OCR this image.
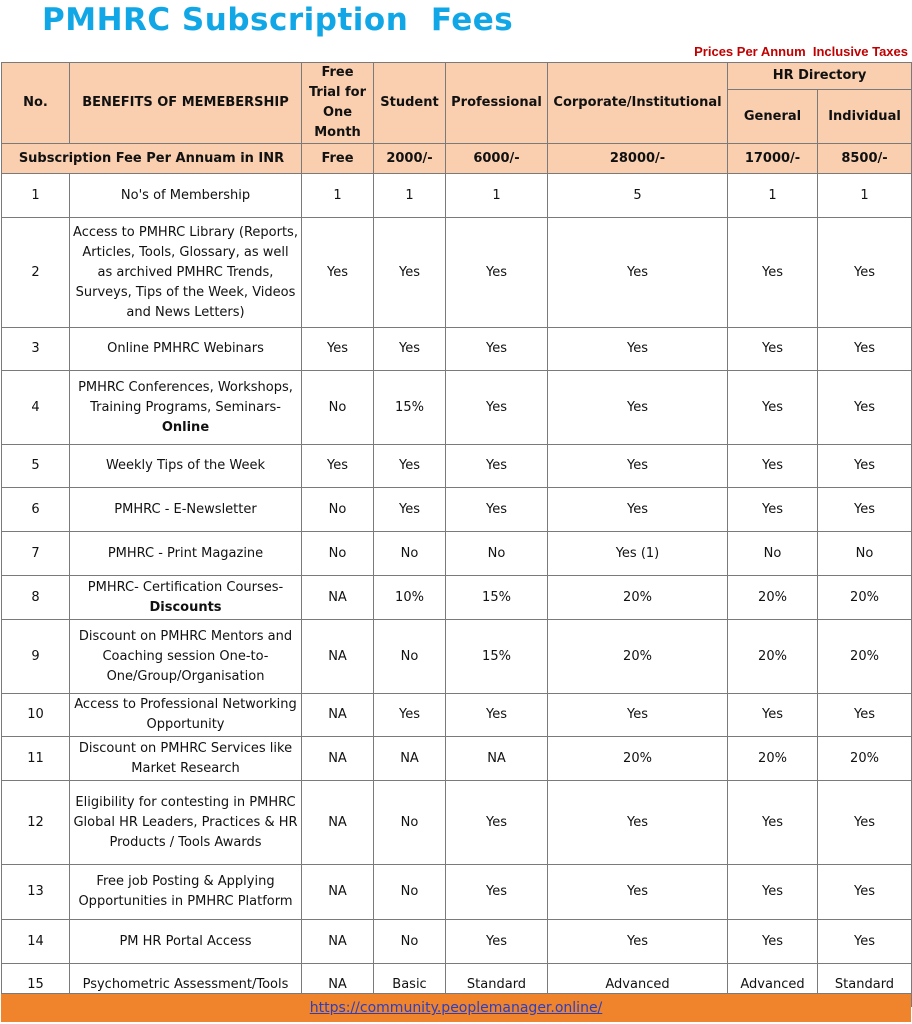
PMHRC Subscription  Fees
Prices Per Annum  Inclusive Taxes
No.	BENEFITS OF MEMEBERSHIP	Free Trial for One Month	Student	Professional	Corporate/Institutional	HR Directory	
						General	Individual
Subscription Fee Per Annuam in INR		Free	2000/-	6000/-	28000/-	17000/-	8500/-
1	No's of Membership	1	1	1	5	1	1
2	Access to PMHRC Library (Reports, Articles, Tools, Glossary, as well as archived PMHRC Trends, Surveys, Tips of the Week, Videos and News Letters)	Yes	Yes	Yes	Yes	Yes	Yes
3	Online PMHRC Webinars	Yes	Yes	Yes	Yes	Yes	Yes
4	PMHRC Conferences, Workshops, Training Programs, Seminars- Online	No	15%	Yes	Yes	Yes	Yes
5	Weekly Tips of the Week	Yes	Yes	Yes	Yes	Yes	Yes
6	PMHRC - E-Newsletter	No	Yes	Yes	Yes	Yes	Yes
7	PMHRC - Print Magazine	No	No	No	Yes (1)	No	No
8	PMHRC- Certification Courses- Discounts	NA	10%	15%	20%	20%	20%
9	Discount on PMHRC Mentors and Coaching session One-to-One/Group/Organisation	NA	No	15%	20%	20%	20%
10	Access to Professional Networking Opportunity	NA	Yes	Yes	Yes	Yes	Yes
11	Discount on PMHRC Services like Market Research	NA	NA	NA	20%	20%	20%
12	Eligibility for contesting in PMHRC Global HR Leaders, Practices & HR Products / Tools Awards	NA	No	Yes	Yes	Yes	Yes
13	Free job Posting & Applying Opportunities in PMHRC Platform	NA	No	Yes	Yes	Yes	Yes
14	PM HR Portal Access	NA	No	Yes	Yes	Yes	Yes
15	Psychometric Assessment/Tools	NA	Basic	Standard	Advanced	Advanced	Standard
https://community.peoplemanager.online/
